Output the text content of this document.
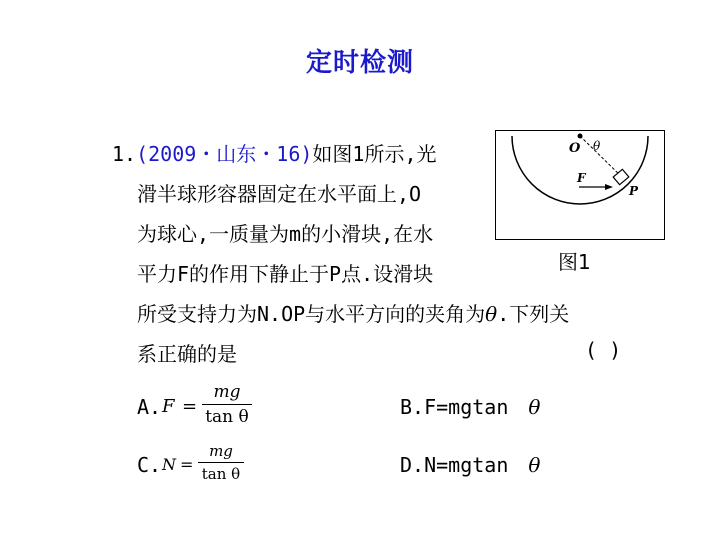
定时检测
1.(2009・山东・16)如图1所示,光
滑半球形容器固定在水平面上,O
为球心,一质量为m的小滑块,在水
平力F的作用下静止于P点.设滑块
所受支持力为N.OP与水平方向的夹角为θ.下列关
系正确的是	( )
O θ
F
P
图1
A. F =
mg
tan θ	B.F=mgtan θ
C. N =
mg
tan θ	D.N=mgtan θ
